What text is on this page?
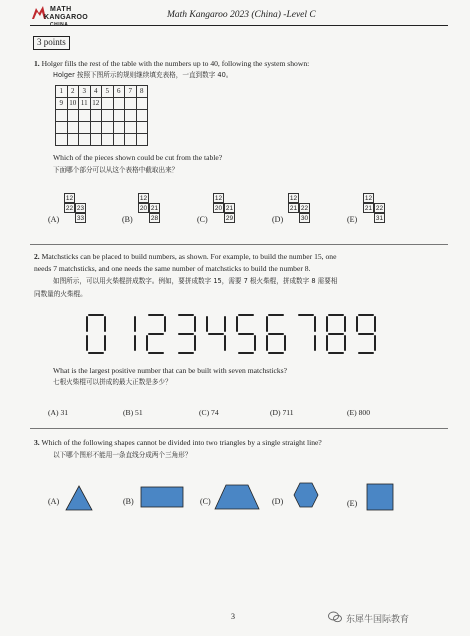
MATH
KANGAROO
CHINA
Math Kangaroo 2023 (China) -Level C
3 points
1. Holger fills the rest of the table with the numbers up to 40, following the system shown:
Holger 按照下图所示的规则继续填充表格，一直到数字 40。
1	2	3	4	5	6	7	8
9	10	11	12				

Which of the pieces shown could be cut from the table?
下面哪个部分可以从这个表格中截取出来？
(A)
12
22 23
33	(B)
12
20 21
28	(C)
12
20 21
29	(D)
12
21 22
30	(E)
12
21 22
31
2. Matchsticks can be placed to build numbers, as shown. For example, to build the number 15, one
needs 7 matchsticks, and one needs the same number of matchsticks to build the number 8.
如图所示，可以用火柴棍拼成数字。例如，要拼成数字 15，需要 7 根火柴棍，拼成数字 8 需要相
同数量的火柴棍。
What is the largest positive number that can be built with seven matchsticks?
七根火柴棍可以拼成的最大正数是多少？
(A) 31	(B) 51	(C) 74	(D) 711	(E) 800
3. Which of the following shapes cannot be divided into two triangles by a single straight line?
以下哪个图形不能用一条直线分成两个三角形？
(A)	(B)	(C)	(D)	(E)
3	东犀牛国际教育
